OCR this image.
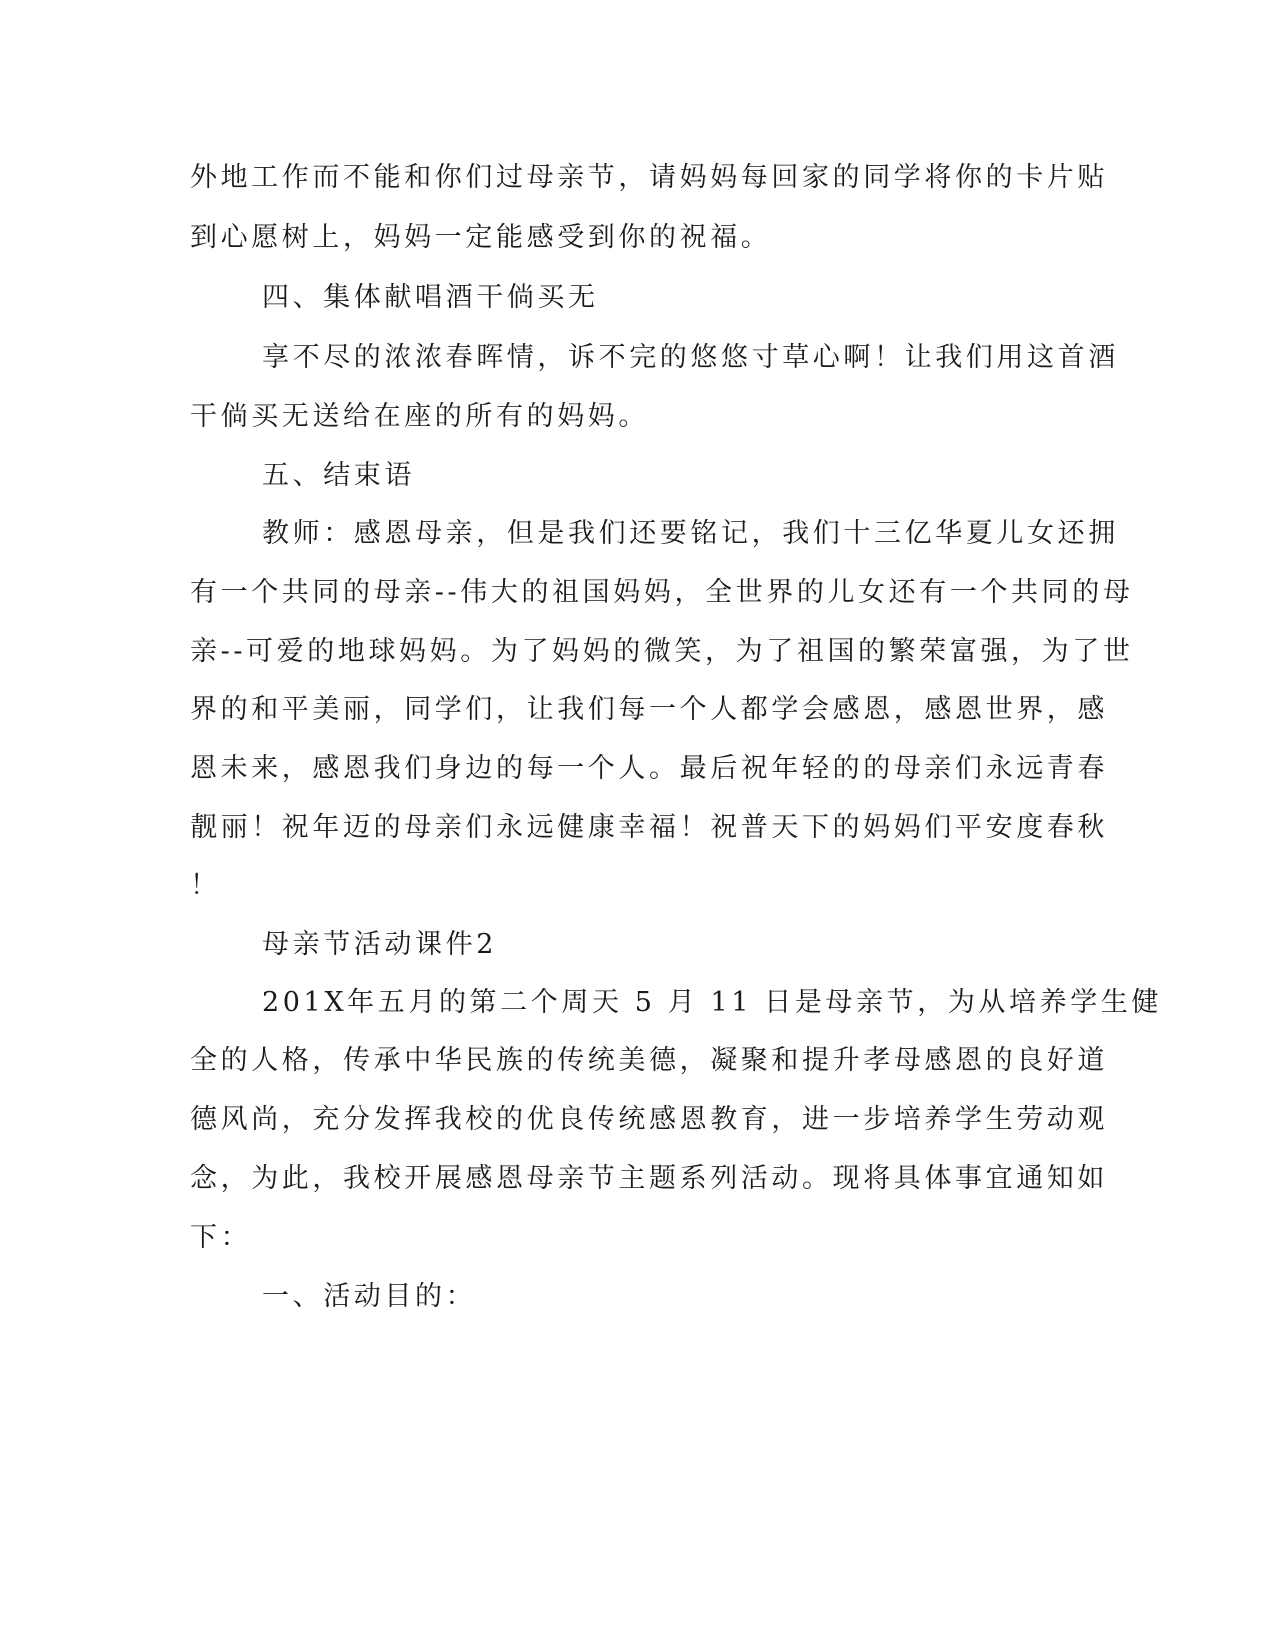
外地工作而不能和你们过母亲节，请妈妈每回家的同学将你的卡片贴
到心愿树上，妈妈一定能感受到你的祝福。
四、集体献唱酒干倘买无
享不尽的浓浓春晖情，诉不完的悠悠寸草心啊！让我们用这首酒
干倘买无送给在座的所有的妈妈。
五、结束语
教师：感恩母亲，但是我们还要铭记，我们十三亿华夏儿女还拥
有一个共同的母亲--伟大的祖国妈妈，全世界的儿女还有一个共同的母
亲--可爱的地球妈妈。为了妈妈的微笑，为了祖国的繁荣富强，为了世
界的和平美丽，同学们，让我们每一个人都学会感恩，感恩世界，感
恩未来，感恩我们身边的每一个人。最后祝年轻的的母亲们永远青春
靓丽！祝年迈的母亲们永远健康幸福！祝普天下的妈妈们平安度春秋
！
母亲节活动课件2
201X年五月的第二个周天 5 月 11 日是母亲节，为从培养学生健
全的人格，传承中华民族的传统美德，凝聚和提升孝母感恩的良好道
德风尚，充分发挥我校的优良传统感恩教育，进一步培养学生劳动观
念，为此，我校开展感恩母亲节主题系列活动。现将具体事宜通知如
下：
一、活动目的：
